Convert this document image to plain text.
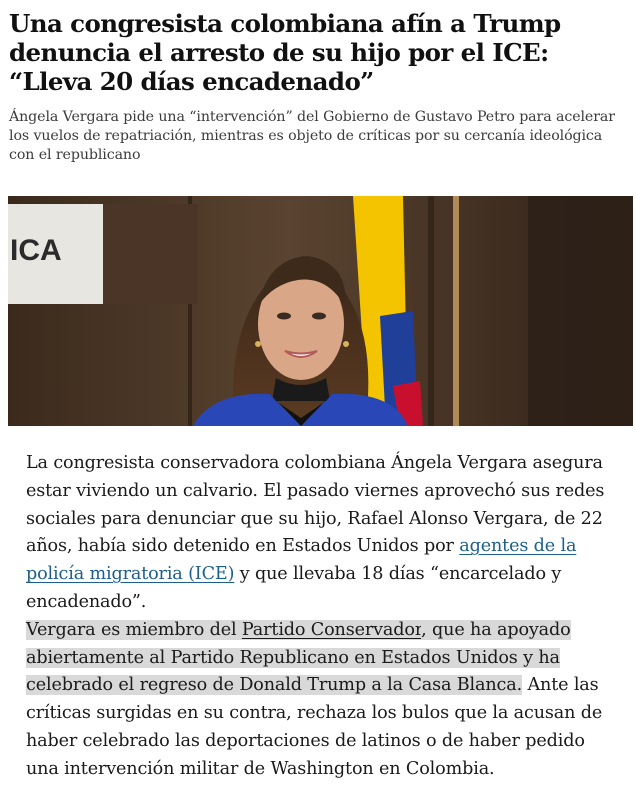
Una congresista colombiana afín a Trump denuncia el arresto de su hijo por el ICE: “Lleva 20 días encadenado”

Ángela Vergara pide una “intervención” del Gobierno de Gustavo Petro para acelerar los vuelos de repatriación, mientras es objeto de críticas por su cercanía ideológica con el republicano

ICA

La congresista conservadora colombiana Ángela Vergara asegura estar viviendo un calvario. El pasado viernes aprovechó sus redes sociales para denunciar que su hijo, Rafael Alonso Vergara, de 22 años, había sido detenido en Estados Unidos por agentes de la policía migratoria (ICE) y que llevaba 18 días “encarcelado y encadenado”.

Vergara es miembro del Partido Conservador, que ha apoyado abiertamente al Partido Republicano en Estados Unidos y ha celebrado el regreso de Donald Trump a la Casa Blanca. Ante las críticas surgidas en su contra, rechaza los bulos que la acusan de haber celebrado las deportaciones de latinos o de haber pedido una intervención militar de Washington en Colombia.
